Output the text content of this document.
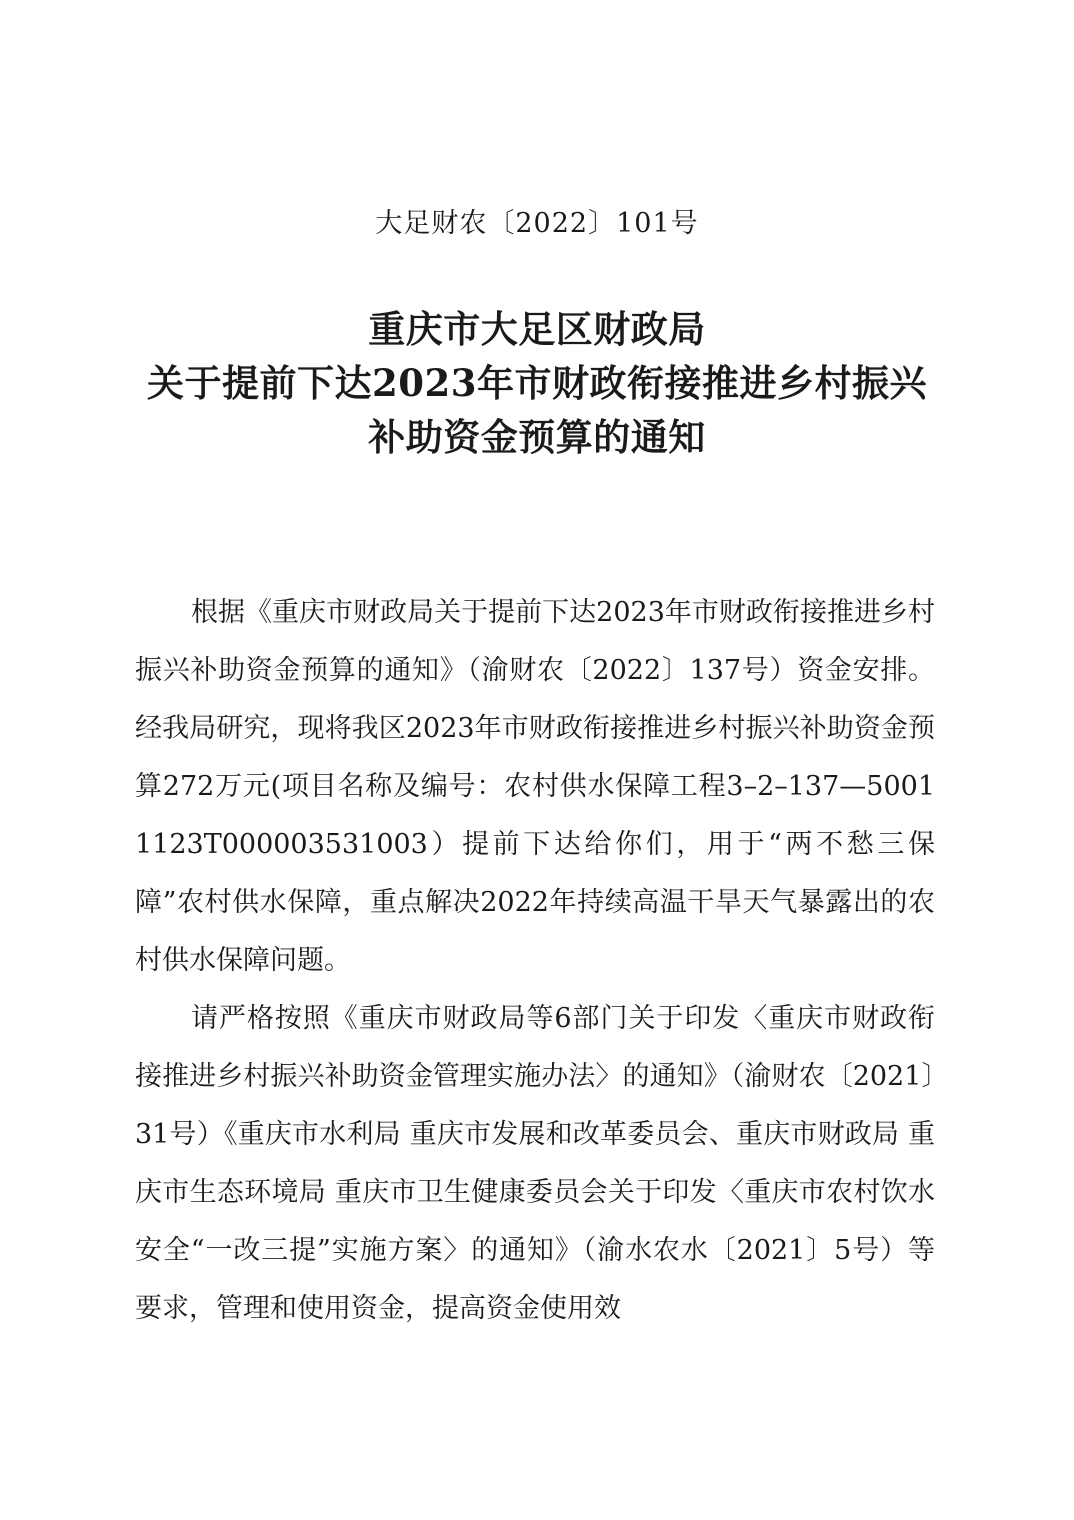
大足财农〔2022〕101号
重庆市大足区财政局
关于提前下达2023年市财政衔接推进乡村振兴
补助资金预算的通知

根据《重庆市财政局关于提前下达2023年市财政衔接推进乡村振兴补助资金预算的通知》（渝财农〔2022〕137号）资金安排。经我局研究，现将我区2023年市财政衔接推进乡村振兴补助资金预算272万元(项目名称及编号：农村供水保障工程3–2–137—50011123T000003531003）提前下达给你们，用于“两不愁三保障”农村供水保障，重点解决2022年持续高温干旱天气暴露出的农村供水保障问题。

请严格按照《重庆市财政局等6部门关于印发〈重庆市财政衔接推进乡村振兴补助资金管理实施办法〉的通知》（渝财农〔2021〕31号）《重庆市水利局 重庆市发展和改革委员会、重庆市财政局 重庆市生态环境局 重庆市卫生健康委员会关于印发〈重庆市农村饮水安全“一改三提”实施方案〉的通知》（渝水农水〔2021〕5号）等要求，管理和使用资金，提高资金使用效
